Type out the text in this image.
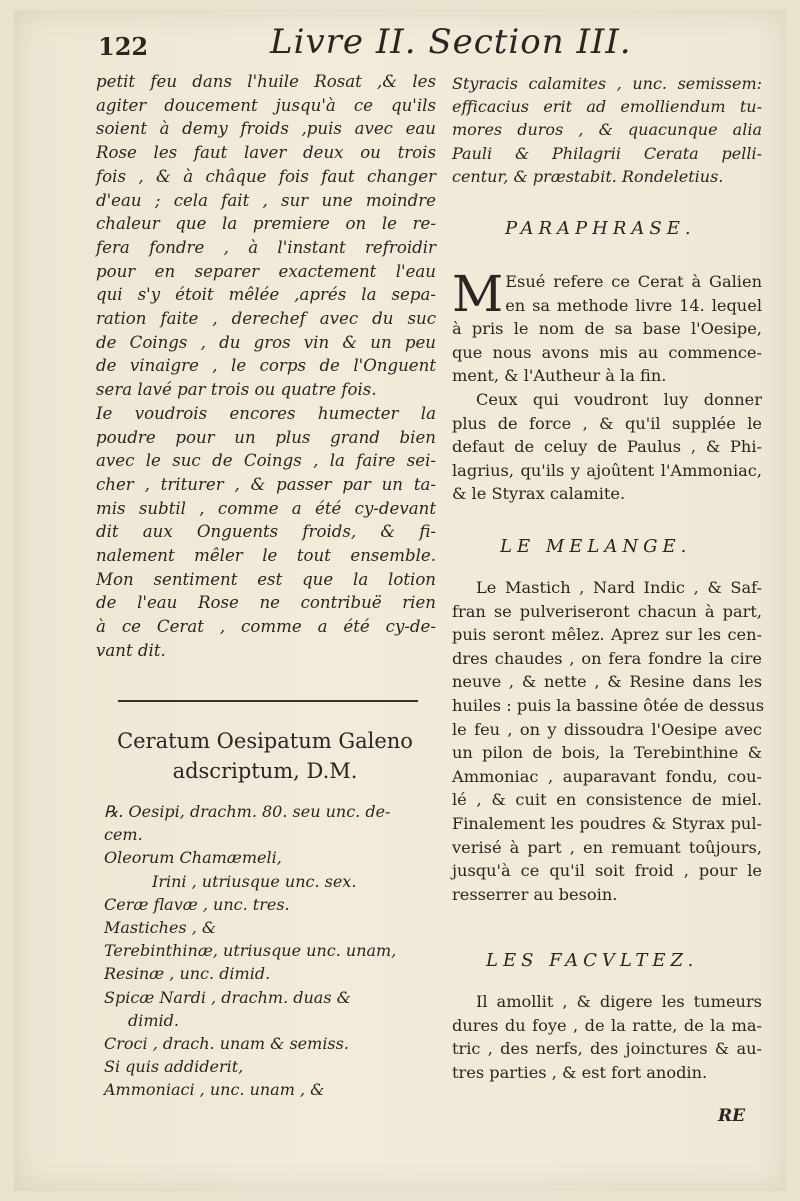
122	Livre II. Section III.
petit feu dans l'huile Rosat ,& les
agiter doucement jusqu'à ce qu'ils
soient à demy froids ,puis avec eau
Rose les faut laver deux ou trois
fois , & à châque fois faut changer
d'eau ; cela fait , sur une moindre
chaleur que la premiere on le re-
fera fondre , à l'instant refroidir
pour en separer exactement l'eau
qui s'y étoit mêlée ,aprés la sepa-
ration faite , derechef avec du suc
de Coings , du gros vin & un peu
de vinaigre , le corps de l'Onguent
sera lavé par trois ou quatre fois.
Ie voudrois encores humecter la
poudre pour un plus grand bien
avec le suc de Coings , la faire sei-
cher , triturer , & passer par un ta-
mis subtil , comme a été cy-devant
dit aux Onguents froids, & fi-
nalement mêler le tout ensemble.
Mon sentiment est que la lotion
de l'eau Rose ne contribuë rien
à ce Cerat , comme a été cy-de-
vant dit.
Ceratum Oesipatum Galeno
adscriptum, D.M.
℞. Oesipi, drachm. 80. seu unc. de-
cem.
Oleorum Chamæmeli,
Irini , utriusque unc. sex.
Ceræ flavæ , unc. tres.
Mastiches , &
Terebinthinæ, utriusque unc. unam,
Resinæ , unc. dimid.
Spicæ Nardi , drachm. duas &
dimid.
Croci , drach. unam & semiss.
Si quis addiderit,
Ammoniaci , unc. unam , &
Styracis calamites , unc. semissem:
efficacius erit ad emolliendum tu-
mores duros , & quacunque alia
Pauli & Philagrii Cerata pelli-
centur, & præstabit. Rondeletius.
PARAPHRASE.
M Esué refere ce Cerat à Galien
en sa methode livre 14. lequel
à pris le nom de sa base l'Oesipe,
que nous avons mis au commence-
ment, & l'Autheur à la fin.
Ceux qui voudront luy donner
plus de force , & qu'il supplée le
defaut de celuy de Paulus , & Phi-
lagrius, qu'ils y ajoûtent l'Ammoniac,
& le Styrax calamite.
LE MELANGE.
Le Mastich , Nard Indic , & Saf-
fran se pulveriseront chacun à part,
puis seront mêlez. Aprez sur les cen-
dres chaudes , on fera fondre la cire
neuve , & nette , & Resine dans les
huiles : puis la bassine ôtée de dessus
le feu , on y dissoudra l'Oesipe avec
un pilon de bois, la Terebinthine &
Ammoniac , auparavant fondu, cou-
lé , & cuit en consistence de miel.
Finalement les poudres & Styrax pul-
verisé à part , en remuant toûjours,
jusqu'à ce qu'il soit froid , pour le
resserrer au besoin.
LES FACVLTEZ.
Il amollit , & digere les tumeurs
dures du foye , de la ratte, de la ma-
tric , des nerfs, des joinctures & au-
tres parties , & est fort anodin.
RE
